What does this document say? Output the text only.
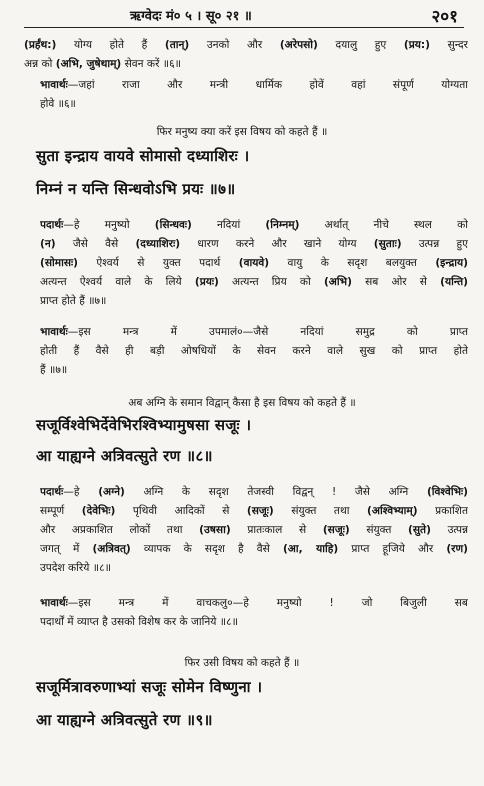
ऋग्वेदः मं० ५ । सू० २१ ॥	२०१
(प्रर्हंथ:) योग्य होते हैं (तान्) उनको और (अरेपसो) दयालु हुए (प्रय:) सुन्दर
अन्न को (अभि, जुषेथाम्) सेवन करें ॥६॥
भावार्थः—जहां राजा और मन्त्री धार्मिक होवें वहां संपूर्ण योग्यता
होवे ॥६॥
फिर मनुष्य क्या करें इस विषय को कहते हैं ॥
सुता इन्द्राय वायवे सोमासो दध्याशिरः ।
निम्नं न यन्ति सिन्धवोऽभि प्रयः ॥७॥
पदार्थः—हे मनुष्यो (सिन्धवः) नदियां (निम्नम्) अर्थात् नीचे स्थल को
(न) जैसे वैसे (दध्याशिरः) धारण करने और खाने योग्य (सुताः) उत्पन्न हुए
(सोमासः) ऐश्वर्य से युक्त पदार्थ (वायवे) वायु के सदृश बलयुक्त (इन्द्राय)
अत्यन्त ऐश्वर्य वाले के लिये (प्रयः) अत्यन्त प्रिय को (अभि) सब ओर से (यन्ति)
प्राप्त होते हैं ॥७॥
भावार्थः—इस मन्त्र में उपमालं०—जैसे नदियां समुद्र को प्राप्त
होती हैं वैसे ही बड़ी ओषधियों के सेवन करने वाले सुख को प्राप्त होते
हैं ॥७॥
अब अग्नि के समान विद्वान् कैसा है इस विषय को कहते हैं ॥
सजूर्विश्वेभिर्देवेभिरश्विभ्यामुषसा सजूः ।
आ याह्यग्ने अत्रिवत्सुते रण ॥८॥
पदार्थः—हे (अग्ने) अग्नि के सदृश तेजस्वी विद्वन् ! जैसे अग्नि (विश्वेभिः)
सम्पूर्ण (देवेभिः) पृथिवी आदिकों से (सजूः) संयुक्त तथा (अश्विभ्याम्) प्रकाशित
और अप्रकाशित लोकों तथा (उषसा) प्रातःकाल से (सजूः) संयुक्त (सुते) उत्पन्न
जगत् में (अत्रिवत्) व्यापक के सदृश है वैसे (आ, याहि) प्राप्त हूजिये और (रण)
उपदेश करिये ॥८॥
भावार्थः—इस मन्त्र में वाचकलु०—हे मनुष्यो ! जो बिजुली सब
पदार्थों में व्याप्त है उसको विशेष कर के जानिये ॥८॥
फिर उसी विषय को कहते हैं ॥
सजूर्मित्रावरुणाभ्यां सजूः सोमेन विष्णुना ।
आ याह्यग्ने अत्रिवत्सुते रण ॥९॥
